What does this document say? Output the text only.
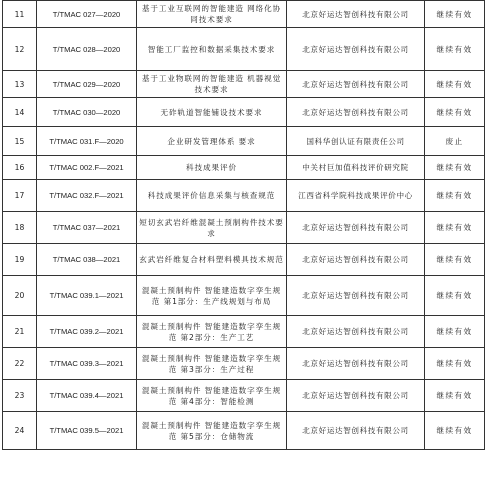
11	T/TMAC 027—2020	基于工业互联网的智能建造 网络化协同技术要求	北京好运达智创科技有限公司	继续有效
12	T/TMAC 028—2020	智能工厂监控和数据采集技术要求	北京好运达智创科技有限公司	继续有效
13	T/TMAC 029—2020	基于工业物联网的智能建造 机器视觉技术要求	北京好运达智创科技有限公司	继续有效
14	T/TMAC 030—2020	无砟轨道智能铺设技术要求	北京好运达智创科技有限公司	继续有效
15	T/TMAC 031.F—2020	企业研发管理体系 要求	国科华创认证有限责任公司	废止
16	T/TMAC 002.F—2021	科技成果评价	中关村巨加值科技评价研究院	继续有效
17	T/TMAC 032.F—2021	科技成果评价信息采集与核查规范	江西省科学院科技成果评价中心	继续有效
18	T/TMAC 037—2021	短切玄武岩纤维混凝土预制构件技术要求	北京好运达智创科技有限公司	继续有效
19	T/TMAC 038—2021	玄武岩纤维复合材料塑料模具技术规范	北京好运达智创科技有限公司	继续有效
20	T/TMAC 039.1—2021	混凝土预制构件 智能建造数字孪生规范 第1部分：生产线规划与布局	北京好运达智创科技有限公司	继续有效
21	T/TMAC 039.2—2021	混凝土预制构件 智能建造数字孪生规范 第2部分：生产工艺	北京好运达智创科技有限公司	继续有效
22	T/TMAC 039.3—2021	混凝土预制构件 智能建造数字孪生规范 第3部分：生产过程	北京好运达智创科技有限公司	继续有效
23	T/TMAC 039.4—2021	混凝土预制构件 智能建造数字孪生规范 第4部分：智能检测	北京好运达智创科技有限公司	继续有效
24	T/TMAC 039.5—2021	混凝土预制构件 智能建造数字孪生规范 第5部分：仓储物流	北京好运达智创科技有限公司	继续有效
